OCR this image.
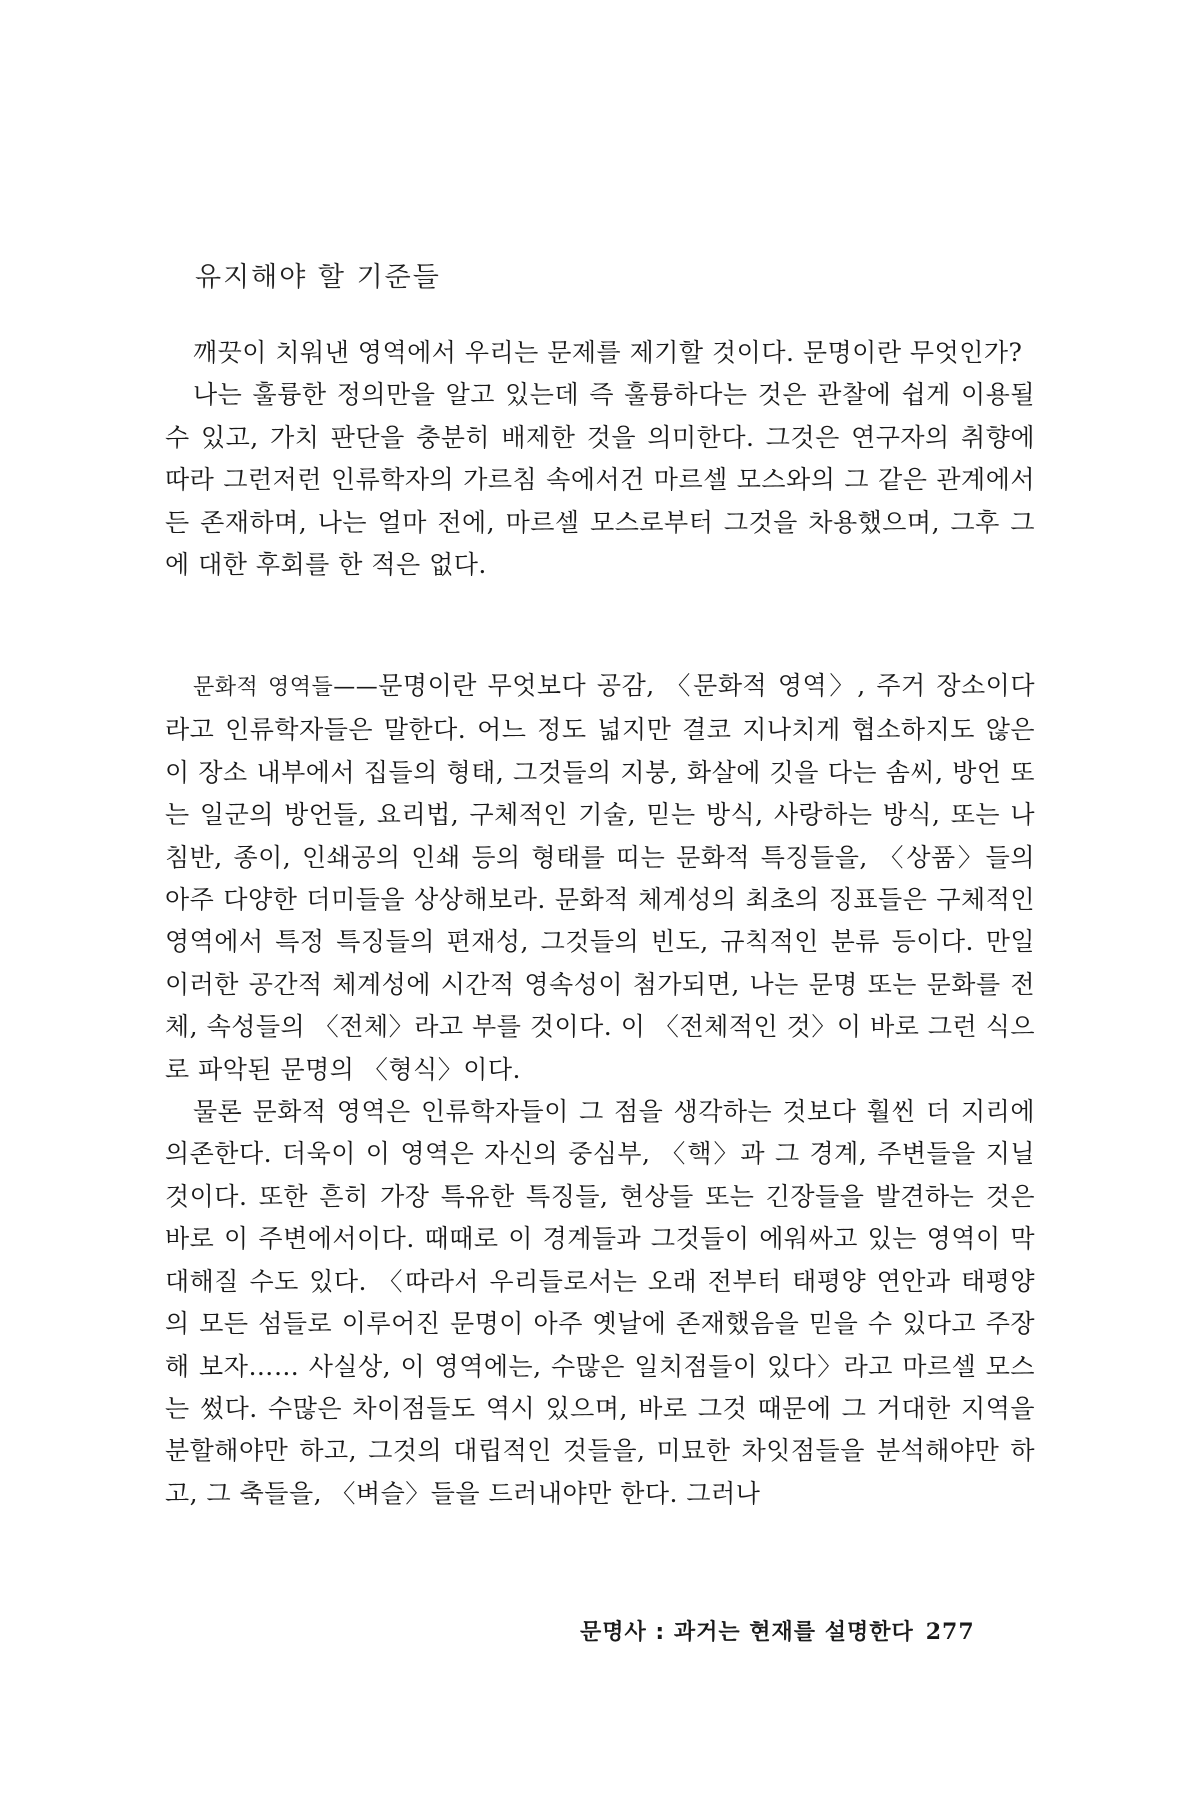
유지해야 할 기준들

깨끗이 치워낸 영역에서 우리는 문제를 제기할 것이다. 문명이란 무엇인가?

나는 훌륭한 정의만을 알고 있는데 즉 훌륭하다는 것은 관찰에 쉽게 이용될 수 있고, 가치 판단을 충분히 배제한 것을 의미한다. 그것은 연구자의 취향에 따라 그런저런 인류학자의 가르침 속에서건 마르셀 모스와의 그 같은 관계에서든 존재하며, 나는 얼마 전에, 마르셀 모스로부터 그것을 차용했으며, 그후 그에 대한 후회를 한 적은 없다.

문화적 영역들——문명이란 무엇보다 공감, 〈문화적 영역〉, 주거 장소이다라고 인류학자들은 말한다. 어느 정도 넓지만 결코 지나치게 협소하지도 않은 이 장소 내부에서 집들의 형태, 그것들의 지붕, 화살에 깃을 다는 솜씨, 방언 또는 일군의 방언들, 요리법, 구체적인 기술, 믿는 방식, 사랑하는 방식, 또는 나침반, 종이, 인쇄공의 인쇄 등의 형태를 띠는 문화적 특징들을, 〈상품〉들의 아주 다양한 더미들을 상상해보라. 문화적 체계성의 최초의 징표들은 구체적인 영역에서 특정 특징들의 편재성, 그것들의 빈도, 규칙적인 분류 등이다. 만일 이러한 공간적 체계성에 시간적 영속성이 첨가되면, 나는 문명 또는 문화를 전체, 속성들의 〈전체〉라고 부를 것이다. 이 〈전체적인 것〉이 바로 그런 식으로 파악된 문명의 〈형식〉이다.

물론 문화적 영역은 인류학자들이 그 점을 생각하는 것보다 훨씬 더 지리에 의존한다. 더욱이 이 영역은 자신의 중심부, 〈핵〉과 그 경계, 주변들을 지닐 것이다. 또한 흔히 가장 특유한 특징들, 현상들 또는 긴장들을 발견하는 것은 바로 이 주변에서이다. 때때로 이 경계들과 그것들이 에워싸고 있는 영역이 막대해질 수도 있다. 〈따라서 우리들로서는 오래 전부터 태평양 연안과 태평양의 모든 섬들로 이루어진 문명이 아주 옛날에 존재했음을 믿을 수 있다고 주장해 보자…… 사실상, 이 영역에는, 수많은 일치점들이 있다〉라고 마르셀 모스는 썼다. 수많은 차이점들도 역시 있으며, 바로 그것 때문에 그 거대한 지역을 분할해야만 하고, 그것의 대립적인 것들을, 미묘한 차잇점들을 분석해야만 하고, 그 축들을, 〈벼슬〉들을 드러내야만 한다. 그러나

문명사 : 과거는 현재를 설명한다 277
